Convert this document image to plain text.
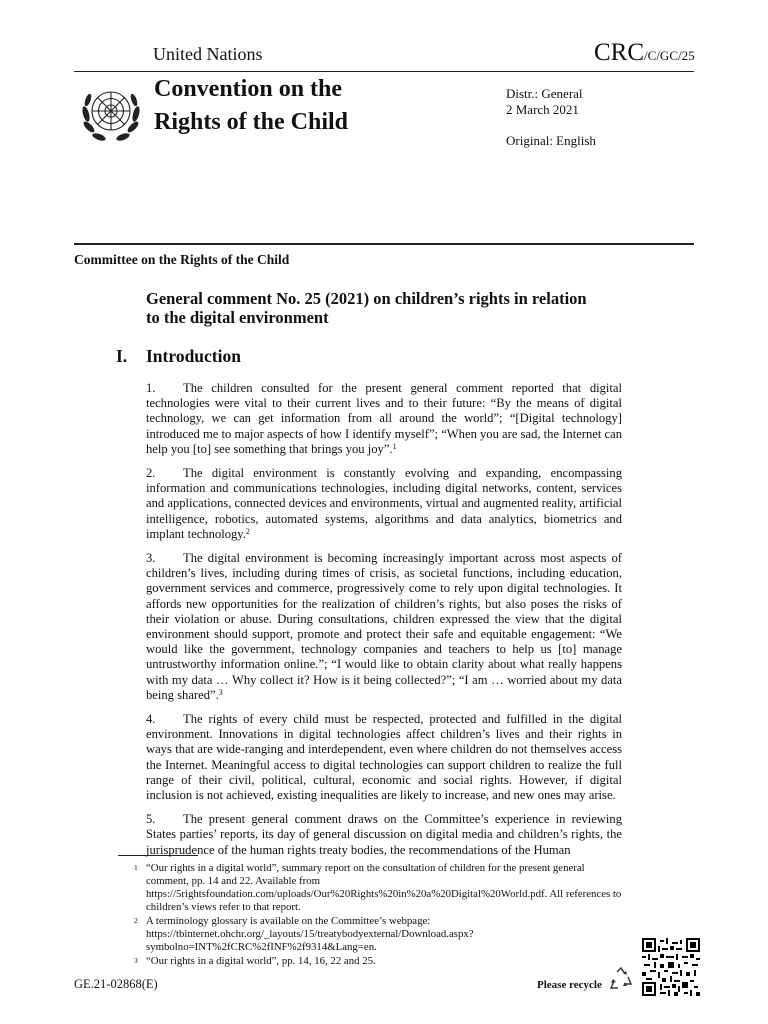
United Nations	CRC/C/GC/25
Convention on the
Rights of the Child
Distr.: General
2 March 2021
Original: English
Committee on the Rights of the Child
General comment No. 25 (2021) on children’s rights in relation to the digital environment
I. Introduction

1. The children consulted for the present general comment reported that digital technologies were vital to their current lives and to their future: “By the means of digital technology, we can get information from all around the world”; “[Digital technology] introduced me to major aspects of how I identify myself”; “When you are sad, the Internet can help you [to] see something that brings you joy”.$^1$

2. The digital environment is constantly evolving and expanding, encompassing information and communications technologies, including digital networks, content, services and applications, connected devices and environments, virtual and augmented reality, artificial intelligence, robotics, automated systems, algorithms and data analytics, biometrics and implant technology.$^2$

3. The digital environment is becoming increasingly important across most aspects of children’s lives, including during times of crisis, as societal functions, including education, government services and commerce, progressively come to rely upon digital technologies. It affords new opportunities for the realization of children’s rights, but also poses the risks of their violation or abuse. During consultations, children expressed the view that the digital environment should support, promote and protect their safe and equitable engagement: “We would like the government, technology companies and teachers to help us [to] manage untrustworthy information online.”; “I would like to obtain clarity about what really happens with my data … Why collect it? How is it being collected?”; “I am … worried about my data being shared”.$^3$

4. The rights of every child must be respected, protected and fulfilled in the digital environment. Innovations in digital technologies affect children’s lives and their rights in ways that are wide-ranging and interdependent, even where children do not themselves access the Internet. Meaningful access to digital technologies can support children to realize the full range of their civil, political, cultural, economic and social rights. However, if digital inclusion is not achieved, existing inequalities are likely to increase, and new ones may arise.

5. The present general comment draws on the Committee’s experience in reviewing States parties’ reports, its day of general discussion on digital media and children’s rights, the jurisprudence of the human rights treaty bodies, the recommendations of the Human

1 “Our rights in a digital world”, summary report on the consultation of children for the present general comment, pp. 14 and 22. Available from https://5rightsfoundation.com/uploads/Our%20Rights%20in%20a%20Digital%20World.pdf. All references to children’s views refer to that report.
2 A terminology glossary is available on the Committee’s webpage: https://tbinternet.ohchr.org/_layouts/15/treatybodyexternal/Download.aspx?symbolno=INT%2fCRC%2fINF%2f9314&Lang=en.
3 “Our rights in a digital world”, pp. 14, 16, 22 and 25.
GE.21-02868(E)	Please recycle
